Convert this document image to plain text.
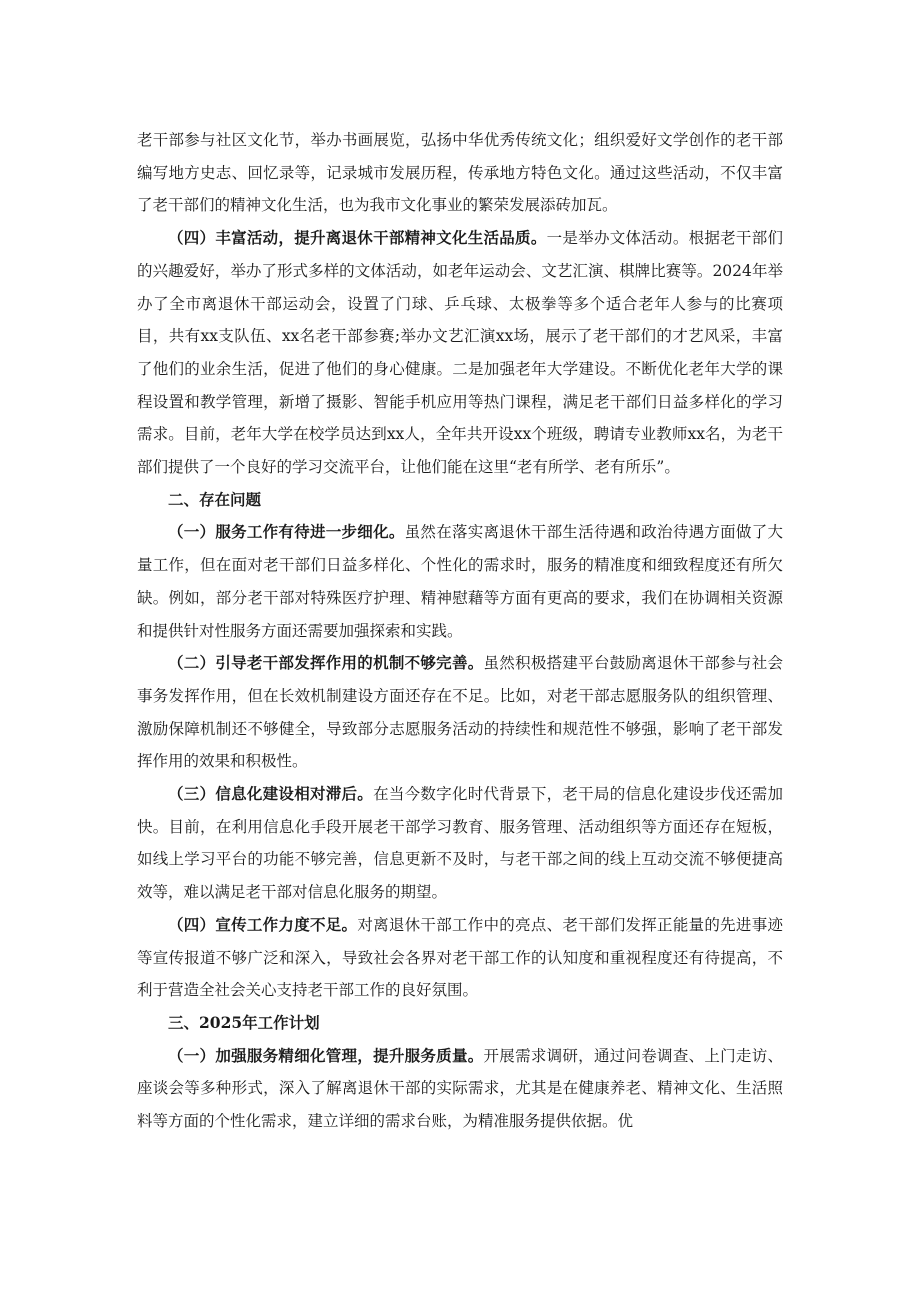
老干部参与社区文化节，举办书画展览，弘扬中华优秀传统文化；组织爱好文学创作的老干部编写地方史志、回忆录等，记录城市发展历程，传承地方特色文化。通过这些活动，不仅丰富了老干部们的精神文化生活，也为我市文化事业的繁荣发展添砖加瓦。

（四）丰富活动，提升离退休干部精神文化生活品质。一是举办文体活动。根据老干部们的兴趣爱好，举办了形式多样的文体活动，如老年运动会、文艺汇演、棋牌比赛等。2024年举办了全市离退休干部运动会，设置了门球、乒乓球、太极拳等多个适合老年人参与的比赛项目，共有xx支队伍、xx名老干部参赛;举办文艺汇演xx场，展示了老干部们的才艺风采，丰富了他们的业余生活，促进了他们的身心健康。二是加强老年大学建设。不断优化老年大学的课程设置和教学管理，新增了摄影、智能手机应用等热门课程，满足老干部们日益多样化的学习需求。目前，老年大学在校学员达到xx人，全年共开设xx个班级，聘请专业教师xx名，为老干部们提供了一个良好的学习交流平台，让他们能在这里“老有所学、老有所乐”。

二、存在问题

（一）服务工作有待进一步细化。虽然在落实离退休干部生活待遇和政治待遇方面做了大量工作，但在面对老干部们日益多样化、个性化的需求时，服务的精准度和细致程度还有所欠缺。例如，部分老干部对特殊医疗护理、精神慰藉等方面有更高的要求，我们在协调相关资源和提供针对性服务方面还需要加强探索和实践。

（二）引导老干部发挥作用的机制不够完善。虽然积极搭建平台鼓励离退休干部参与社会事务发挥作用，但在长效机制建设方面还存在不足。比如，对老干部志愿服务队的组织管理、激励保障机制还不够健全，导致部分志愿服务活动的持续性和规范性不够强，影响了老干部发挥作用的效果和积极性。

（三）信息化建设相对滞后。在当今数字化时代背景下，老干局的信息化建设步伐还需加快。目前，在利用信息化手段开展老干部学习教育、服务管理、活动组织等方面还存在短板，如线上学习平台的功能不够完善，信息更新不及时，与老干部之间的线上互动交流不够便捷高效等，难以满足老干部对信息化服务的期望。

（四）宣传工作力度不足。对离退休干部工作中的亮点、老干部们发挥正能量的先进事迹等宣传报道不够广泛和深入，导致社会各界对老干部工作的认知度和重视程度还有待提高，不利于营造全社会关心支持老干部工作的良好氛围。

三、2025年工作计划

（一）加强服务精细化管理，提升服务质量。开展需求调研，通过问卷调查、上门走访、座谈会等多种形式，深入了解离退休干部的实际需求，尤其是在健康养老、精神文化、生活照料等方面的个性化需求，建立详细的需求台账，为精准服务提供依据。优
